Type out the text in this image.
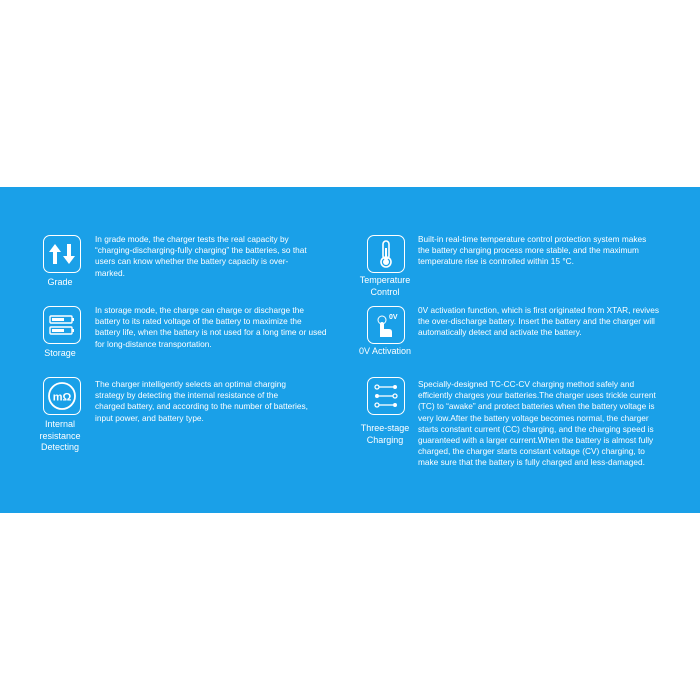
Grade

In grade mode, the charger tests the real capacity by “charging-discharging-fully charging” the batteries, so that users can know whether the battery capacity is over-marked.

Temperature Control

Built-in real-time temperature control protection system makes the battery charging process more stable, and the maximum temperature rise is controlled within 15 °C.

Storage

In storage mode, the charge can charge or discharge the battery to its rated voltage of the battery to maximize the battery life, when the battery is not used for a long time or used for long-distance transportation.

0V
0V Activation

0V activation function, which is first originated from XTAR, revives the over-discharge battery. Insert the battery and the charger will automatically detect and activate the battery.

mΩ
Internal resistance Detecting

The charger intelligently selects an optimal charging strategy by detecting the internal resistance of the charged battery, and according to the number of batteries, input power, and battery type.

Three-stage Charging

Specially-designed TC-CC-CV charging method safely and efficiently charges your batteries.The charger uses trickle current (TC) to “awake” and protect batteries when the battery voltage is very low.After the battery voltage becomes normal, the charger starts constant current (CC) charging, and the charging speed is guaranteed with a larger current.When the battery is almost fully charged, the charger starts constant voltage (CV) charging, to make sure that the battery is fully charged and less-damaged.
